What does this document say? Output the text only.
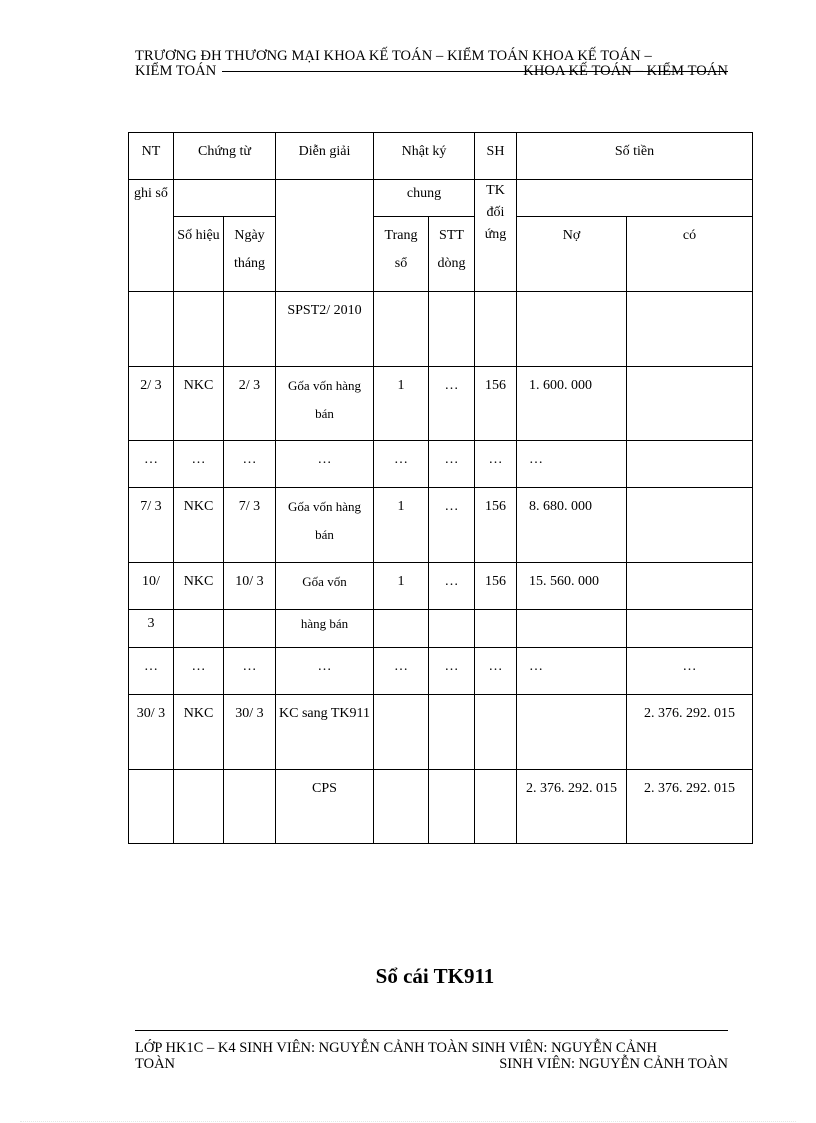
TRƯƠNG ĐH THƯƠNG MẠI KHOA KẾ TOÁN – KIỂM TOÁN KHOA KẾ TOÁN –
KIỂM TOÁN	KHOA KẾ TOÁN – KIỂM TOÁN
NT	Chứng từ		Diễn giải	Nhật ký		SH	Số tiền	
ghi sổ				chung		TK đối ứng		
	Số hiệu	Ngày tháng		Trang sổ	STT dòng		Nợ	có
			SPST2/ 2010					
2/ 3	NKC	2/ 3	Gốa vốn hàng bán	1	…	156	1. 600. 000	
…	…	…	…	…	…	…	…	
7/ 3	NKC	7/ 3	Gốa vốn hàng bán	1	…	156	8. 680. 000	
10/	NKC	10/ 3	Gốa vốn	1	…	156	15. 560. 000	
3			hàng bán					
…	…	…	…	…	…	…	…	…
30/ 3	NKC	30/ 3	KC sang TK911					2. 376. 292. 015
			CPS				2. 376. 292. 015	2. 376. 292. 015
Sổ cái TK911
LỚP HK1C – K4 SINH VIÊN: NGUYỄN CẢNH TOÀN SINH VIÊN: NGUYỄN CẢNH
TOÀN	SINH VIÊN: NGUYỄN CẢNH TOÀN
